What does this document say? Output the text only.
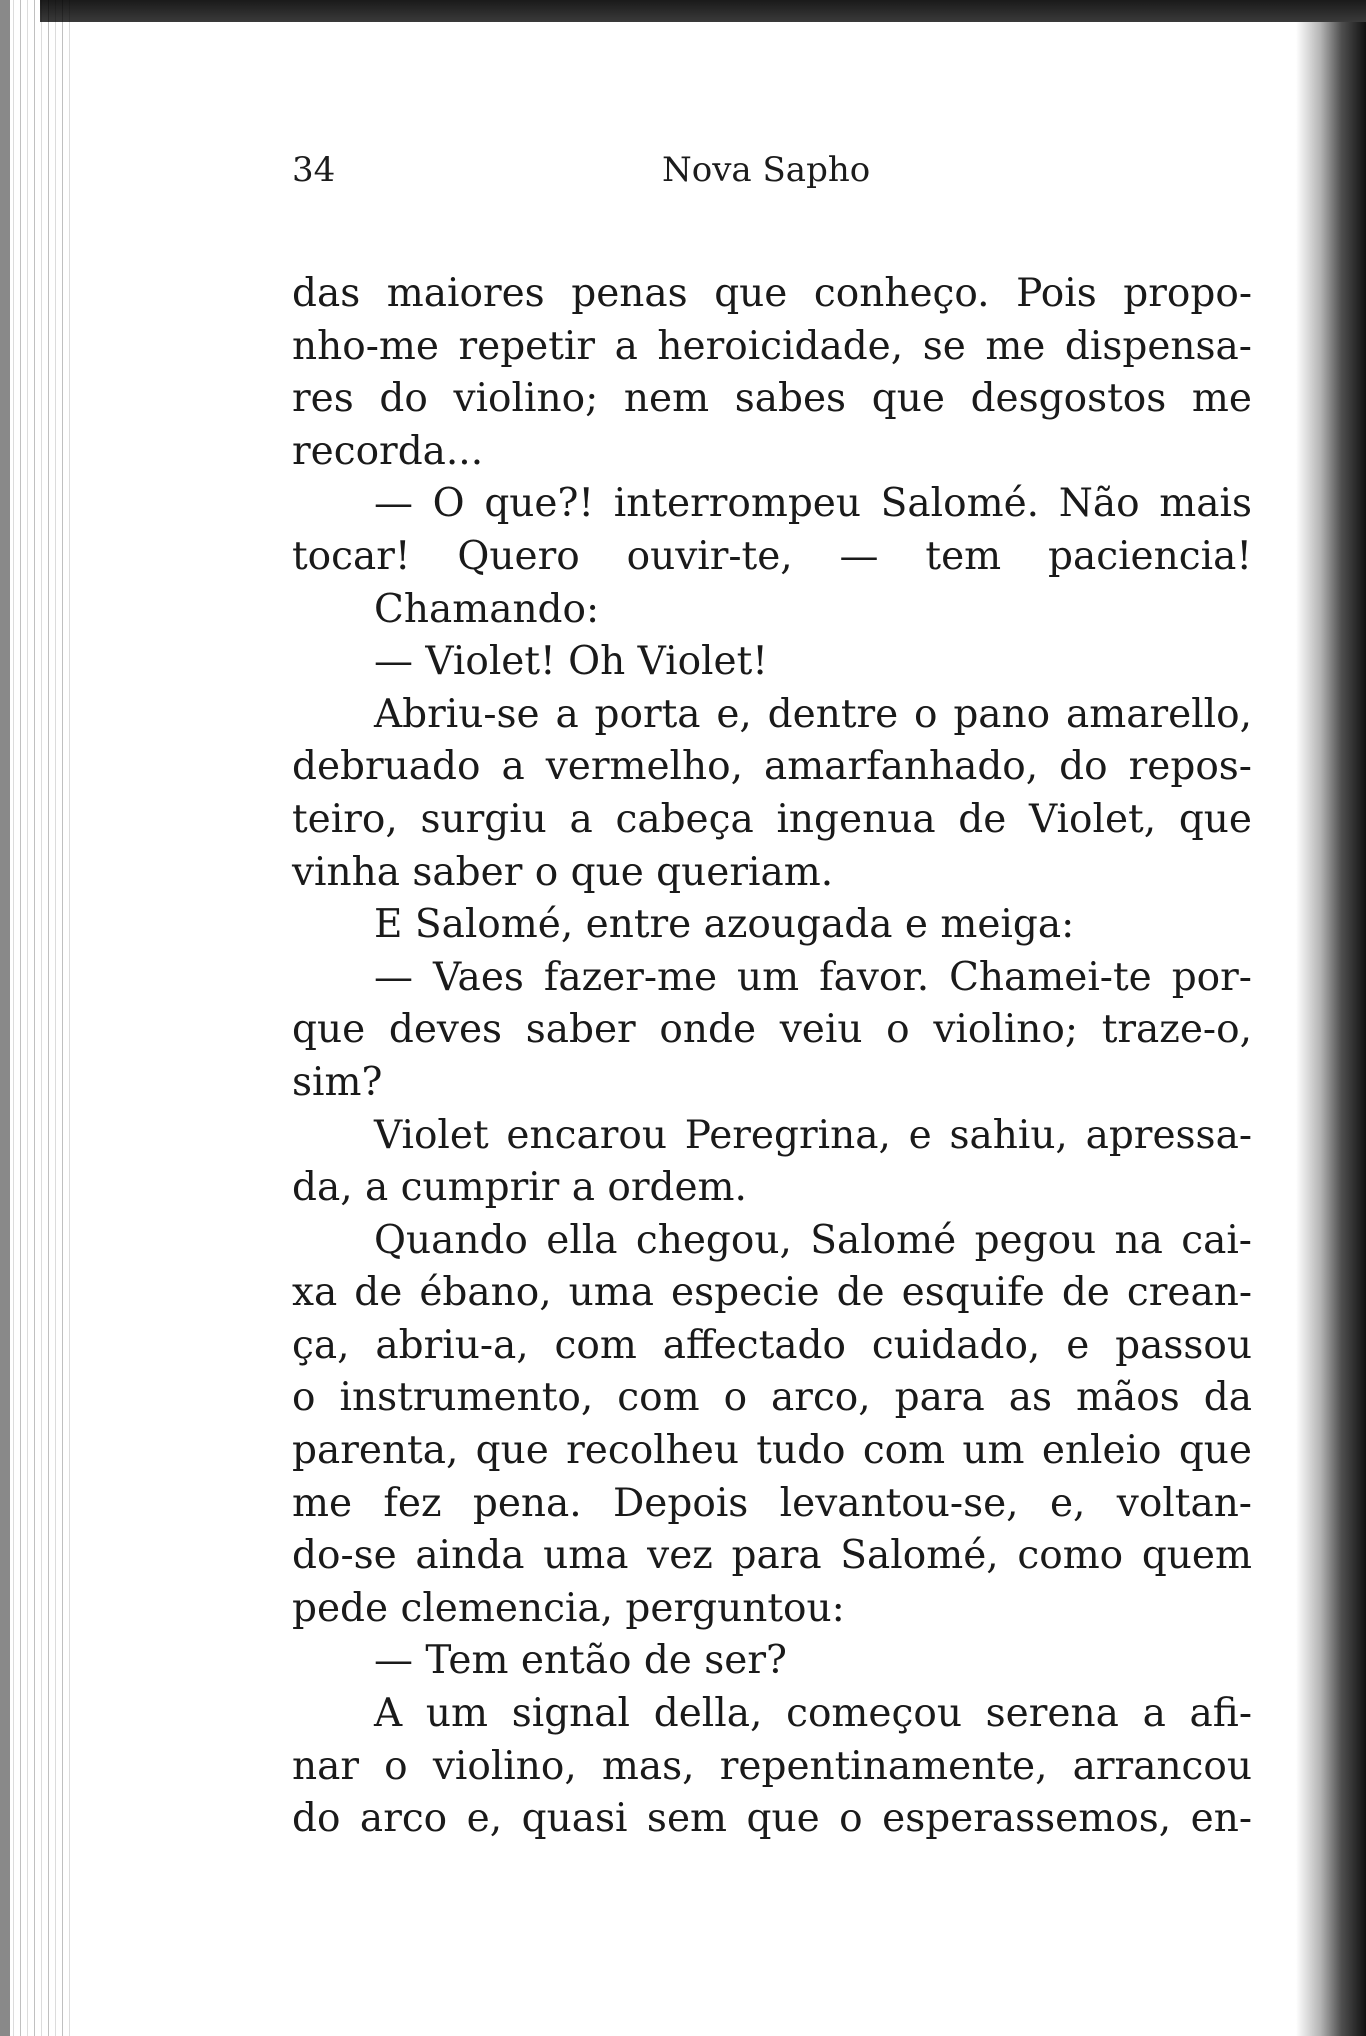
34	Nova Sapho
das maiores penas que conheço. Pois propo-
nho-me repetir a heroicidade, se me dispensa-
res do violino; nem sabes que desgostos me
recorda...
— O que?! interrompeu Salomé. Não mais
tocar! Quero ouvir-te, — tem paciencia!
Chamando:
— Violet! Oh Violet!
Abriu-se a porta e, dentre o pano amarello,
debruado a vermelho, amarfanhado, do repos-
teiro, surgiu a cabeça ingenua de Violet, que
vinha saber o que queriam.
E Salomé, entre azougada e meiga:
— Vaes fazer-me um favor. Chamei-te por-
que deves saber onde veiu o violino; traze-o,
sim?
Violet encarou Peregrina, e sahiu, apressa-
da, a cumprir a ordem.
Quando ella chegou, Salomé pegou na cai-
xa de ébano, uma especie de esquife de crean-
ça, abriu-a, com affectado cuidado, e passou
o instrumento, com o arco, para as mãos da
parenta, que recolheu tudo com um enleio que
me fez pena. Depois levantou-se, e, voltan-
do-se ainda uma vez para Salomé, como quem
pede clemencia, perguntou:
— Tem então de ser?
A um signal della, começou serena a afi-
nar o violino, mas, repentinamente, arrancou
do arco e, quasi sem que o esperassemos, en-
